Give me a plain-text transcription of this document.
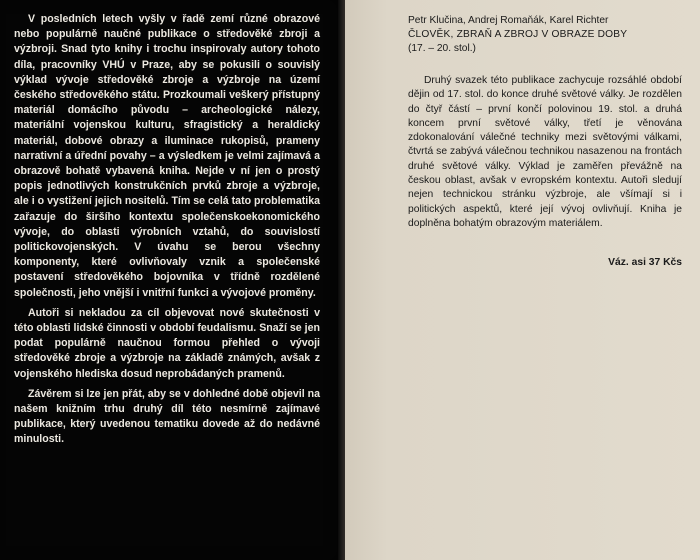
V posledních letech vyšly v řadě zemí různé obrazové nebo populárně naučné publikace o středověké zbroji a výzbroji. Snad tyto knihy i trochu inspirovaly autory tohoto díla, pracovníky VHÚ v Praze, aby se pokusili o souvislý výklad vývoje středověké zbroje a výzbroje na území českého středověkého státu. Prozkoumali veškerý přístupný materiál domácího původu – archeologické nálezy, materiální vojenskou kulturu, sfragistický a heraldický materiál, dobové obrazy a iluminace rukopisů, prameny narrativní a úřední povahy – a výsledkem je velmi zajímavá a obrazově bohatě vybavená kniha. Nejde v ní jen o prostý popis jednotlivých konstrukčních prvků zbroje a výzbroje, ale i o vystižení jejich nositelů. Tím se celá tato problematika zařazuje do širšího kontextu společenskoekonomického vývoje, do oblasti výrobních vztahů, do souvislostí politickovojenských. V úvahu se berou všechny komponenty, které ovlivňovaly vznik a společenské postavení středověkého bojovníka v třídně rozdělené společnosti, jeho vnější i vnitřní funkci a vývojové proměny.

Autoři si nekladou za cíl objevovat nové skutečnosti v této oblasti lidské činnosti v období feudalismu. Snaží se jen podat populárně naučnou formou přehled o vývoji středověké zbroje a výzbroje na základě známých, avšak z vojenského hlediska dosud neprobádaných pramenů.

Závěrem si lze jen přát, aby se v dohledné době objevil na našem knižním trhu druhý díl této nesmírně zajímavé publikace, který uvedenou tematiku dovede až do nedávné minulosti.

Petr Klučina, Andrej Romaňák, Karel Richter
ČLOVĚK, ZBRAŇ A ZBROJ V OBRAZE DOBY
(17. – 20. stol.)
Druhý svazek této publikace zachycuje rozsáhlé období dějin od 17. stol. do konce druhé světové války. Je rozdělen do čtyř částí – první končí polovinou 19. stol. a druhá koncem první světové války, třetí je věnována zdokonalování válečné techniky mezi světovými válkami, čtvrtá se zabývá válečnou technikou nasazenou na frontách druhé světové války. Výklad je zaměřen převážně na českou oblast, avšak v evropském kontextu. Autoři sledují nejen technickou stránku výzbroje, ale všímají si i politických aspektů, které její vývoj ovlivňují. Kniha je doplněna bohatým obrazovým materiálem.
Váz. asi 37 Kčs
